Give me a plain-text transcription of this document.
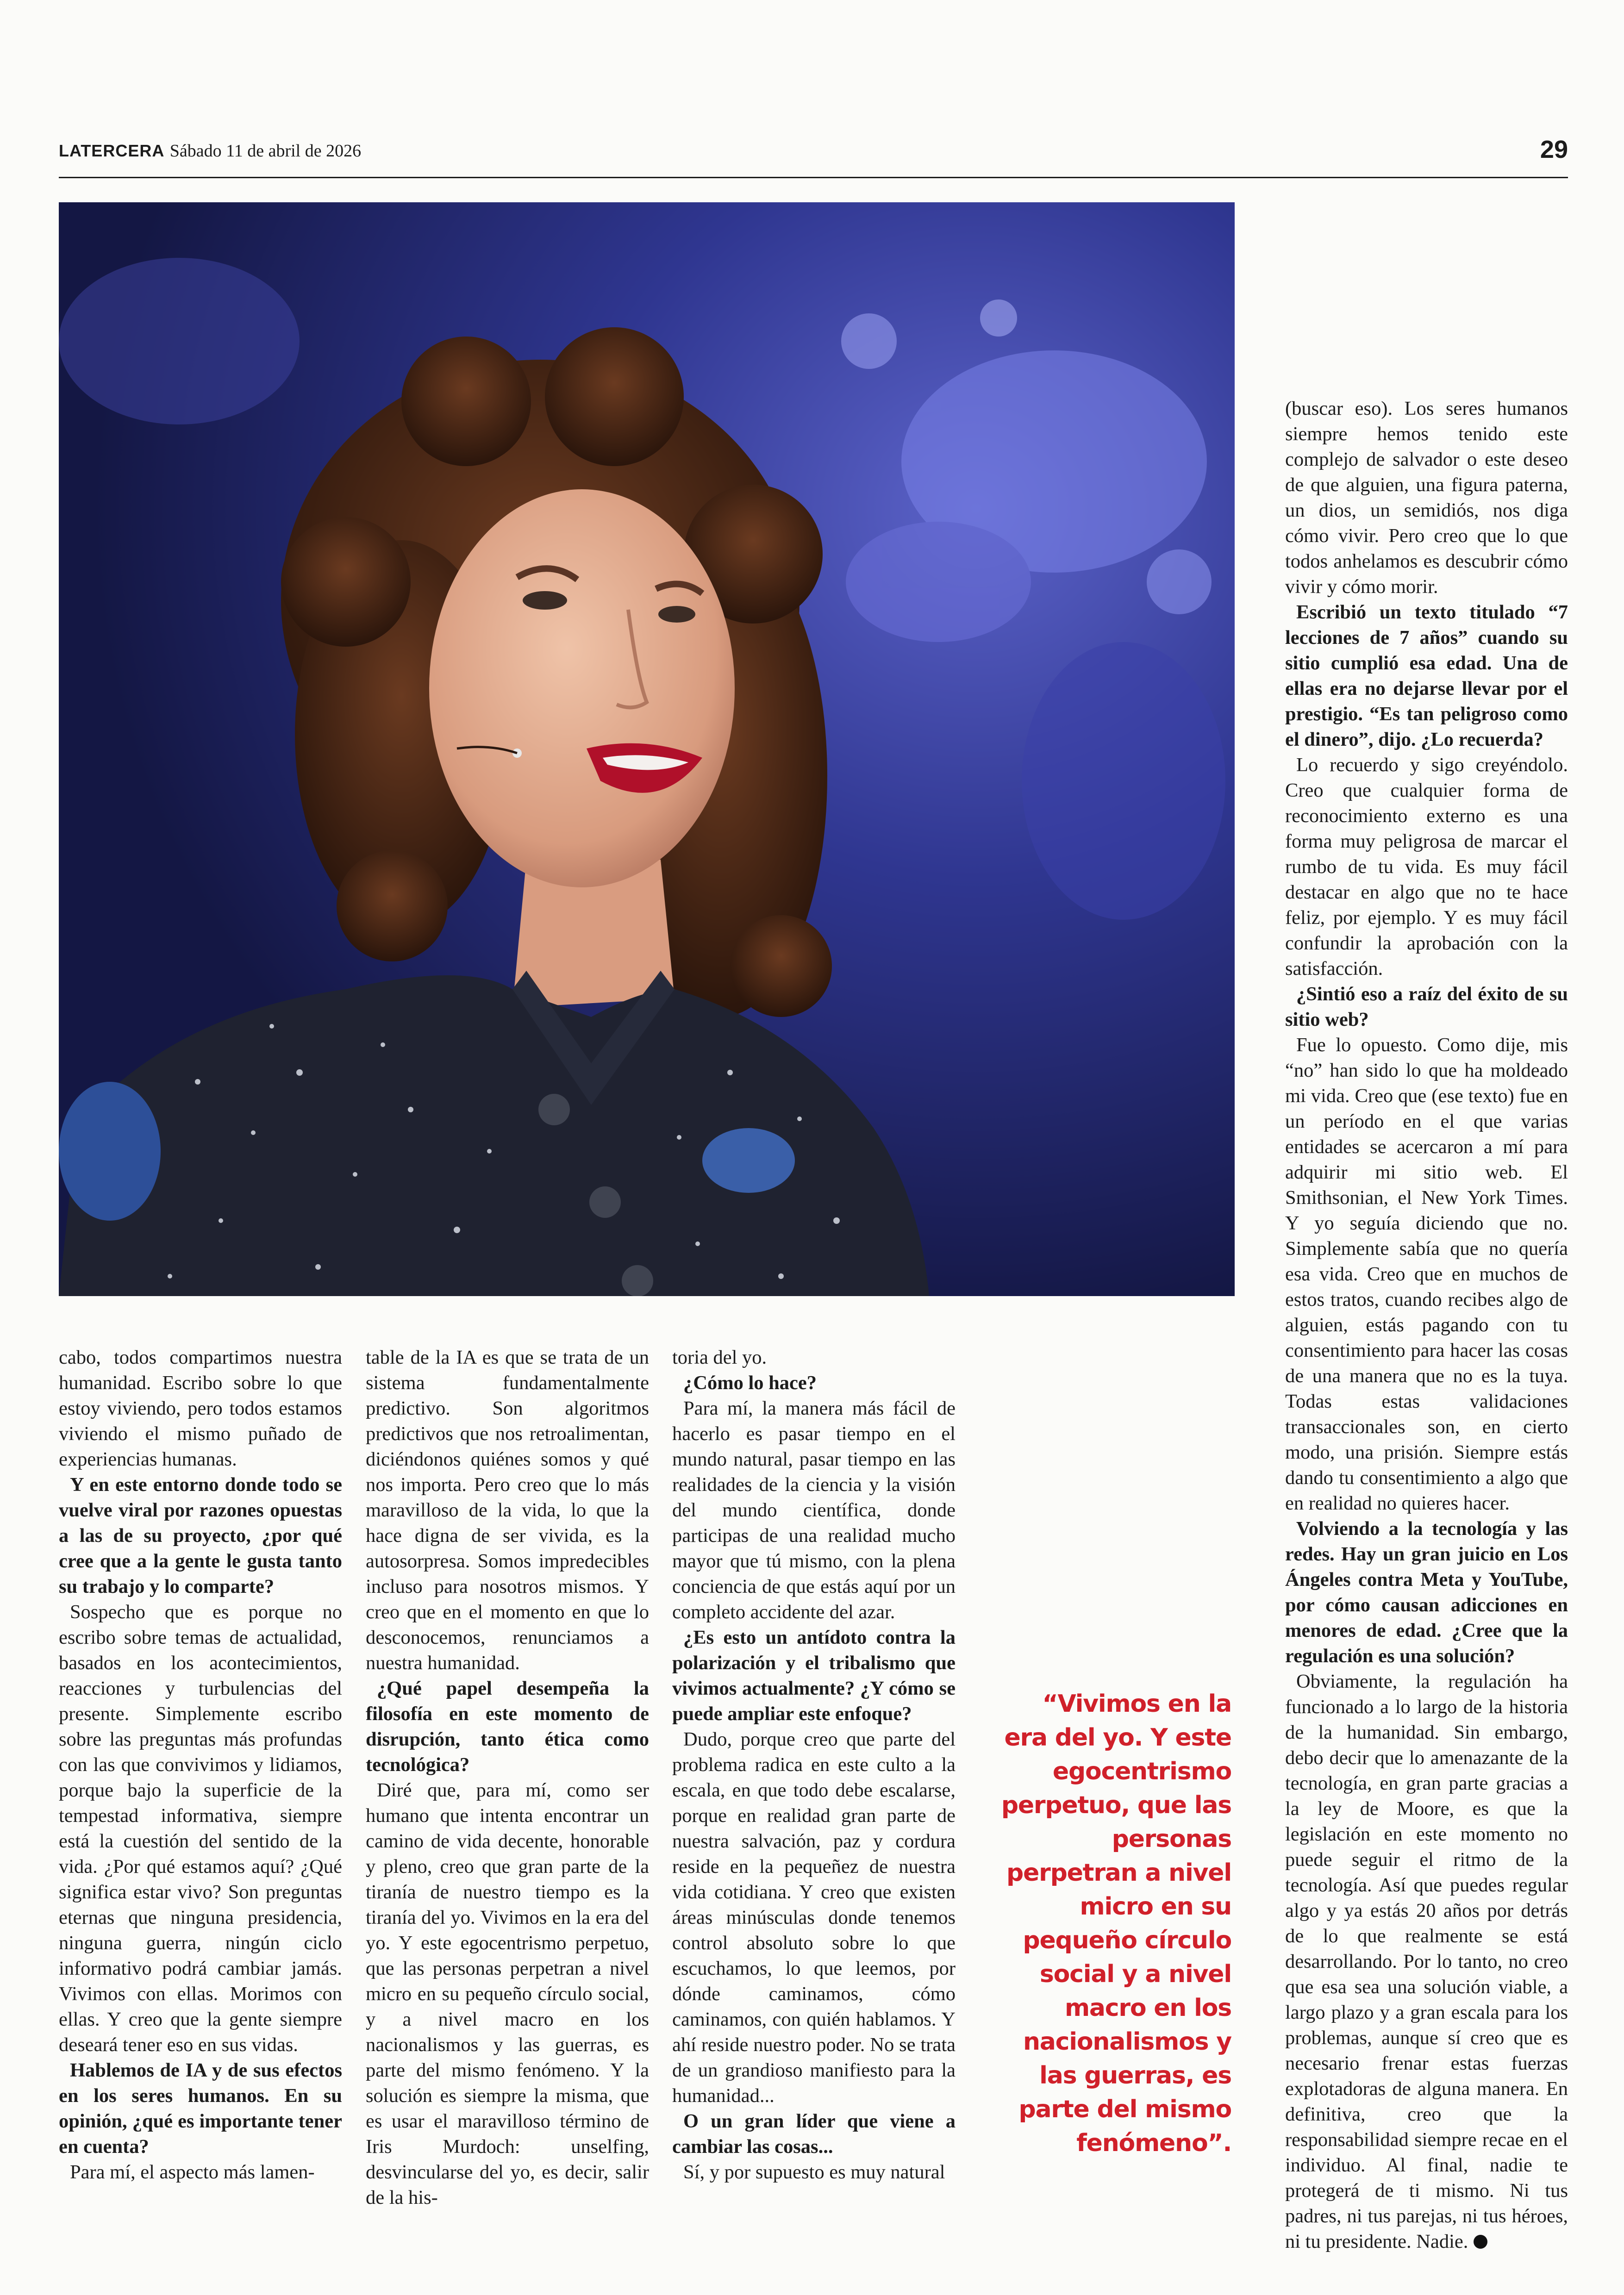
LATERCERA Sábado 11 de abril de 2026	29

cabo, todos compartimos nuestra humanidad. Escribo sobre lo que estoy viviendo, pero todos estamos viviendo el mismo puñado de experiencias humanas.

Y en este entorno donde todo se vuelve viral por razones opuestas a las de su proyecto, ¿por qué cree que a la gente le gusta tanto su trabajo y lo comparte?

Sospecho que es porque no escribo sobre temas de actualidad, basados en los acontecimientos, reacciones y turbulencias del presente. Simplemente escribo sobre las preguntas más profundas con las que convivimos y lidiamos, porque bajo la superficie de la tempestad informativa, siempre está la cuestión del sentido de la vida. ¿Por qué estamos aquí? ¿Qué significa estar vivo? Son preguntas eternas que ninguna presidencia, ninguna guerra, ningún ciclo informativo podrá cambiar jamás. Vivimos con ellas. Morimos con ellas. Y creo que la gente siempre deseará tener eso en sus vidas.

Hablemos de IA y de sus efectos en los seres humanos. En su opinión, ¿qué es importante tener en cuenta?

Para mí, el aspecto más lamen-

table de la IA es que se trata de un sistema fundamentalmente predictivo. Son algoritmos predictivos que nos retroalimentan, diciéndonos quiénes somos y qué nos importa. Pero creo que lo más maravilloso de la vida, lo que la hace digna de ser vivida, es la autosorpresa. Somos impredecibles incluso para nosotros mismos. Y creo que en el momento en que lo desconocemos, renunciamos a nuestra humanidad.

¿Qué papel desempeña la filosofía en este momento de disrupción, tanto ética como tecnológica?

Diré que, para mí, como ser humano que intenta encontrar un camino de vida decente, honorable y pleno, creo que gran parte de la tiranía de nuestro tiempo es la tiranía del yo. Vivimos en la era del yo. Y este egocentrismo perpetuo, que las personas perpetran a nivel micro en su pequeño círculo social, y a nivel macro en los nacionalismos y las guerras, es parte del mismo fenómeno. Y la solución es siempre la misma, que es usar el maravilloso término de Iris Murdoch: unselfing, desvincularse del yo, es decir, salir de la his-

toria del yo.

¿Cómo lo hace?

Para mí, la manera más fácil de hacerlo es pasar tiempo en el mundo natural, pasar tiempo en las realidades de la ciencia y la visión del mundo científica, donde participas de una realidad mucho mayor que tú mismo, con la plena conciencia de que estás aquí por un completo accidente del azar.

¿Es esto un antídoto contra la polarización y el tribalismo que vivimos actualmente? ¿Y cómo se puede ampliar este enfoque?

Dudo, porque creo que parte del problema radica en este culto a la escala, en que todo debe escalarse, porque en realidad gran parte de nuestra salvación, paz y cordura reside en la pequeñez de nuestra vida cotidiana. Y creo que existen áreas minúsculas donde tenemos control absoluto sobre lo que escuchamos, lo que leemos, por dónde caminamos, cómo caminamos, con quién hablamos. Y ahí reside nuestro poder. No se trata de un grandioso manifiesto para la humanidad...

O un gran líder que viene a cambiar las cosas...

Sí, y por supuesto es muy natural

(buscar eso). Los seres humanos siempre hemos tenido este complejo de salvador o este deseo de que alguien, una figura paterna, un dios, un semidiós, nos diga cómo vivir. Pero creo que lo que todos anhelamos es descubrir cómo vivir y cómo morir.

Escribió un texto titulado “7 lecciones de 7 años” cuando su sitio cumplió esa edad. Una de ellas era no dejarse llevar por el prestigio. “Es tan peligroso como el dinero”, dijo. ¿Lo recuerda?

Lo recuerdo y sigo creyéndolo. Creo que cualquier forma de reconocimiento externo es una forma muy peligrosa de marcar el rumbo de tu vida. Es muy fácil destacar en algo que no te hace feliz, por ejemplo. Y es muy fácil confundir la aprobación con la satisfacción.

¿Sintió eso a raíz del éxito de su sitio web?

Fue lo opuesto. Como dije, mis “no” han sido lo que ha moldeado mi vida. Creo que (ese texto) fue en un período en el que varias entidades se acercaron a mí para adquirir mi sitio web. El Smithsonian, el New York Times. Y yo seguía diciendo que no. Simplemente sabía que no quería esa vida. Creo que en muchos de estos tratos, cuando recibes algo de alguien, estás pagando con tu consentimiento para hacer las cosas de una manera que no es la tuya. Todas estas validaciones transaccionales son, en cierto modo, una prisión. Siempre estás dando tu consentimiento a algo que en realidad no quieres hacer.

Volviendo a la tecnología y las redes. Hay un gran juicio en Los Ángeles contra Meta y YouTube, por cómo causan adicciones en menores de edad. ¿Cree que la regulación es una solución?

Obviamente, la regulación ha funcionado a lo largo de la historia de la humanidad. Sin embargo, debo decir que lo amenazante de la tecnología, en gran parte gracias a la ley de Moore, es que la legislación en este momento no puede seguir el ritmo de la tecnología. Así que puedes regular algo y ya estás 20 años por detrás de lo que realmente se está desarrollando. Por lo tanto, no creo que esa sea una solución viable, a largo plazo y a gran escala para los problemas, aunque sí creo que es necesario frenar estas fuerzas explotadoras de alguna manera. En definitiva, creo que la responsabilidad siempre recae en el individuo. Al final, nadie te protegerá de ti mismo. Ni tus padres, ni tus parejas, ni tus héroes, ni tu presidente. Nadie.

“Vivimos en la era del yo. Y este egocentrismo perpetuo, que las personas perpetran a nivel micro en su pequeño círculo social y a nivel macro en los nacionalismos y las guerras, es parte del mismo fenómeno”.
